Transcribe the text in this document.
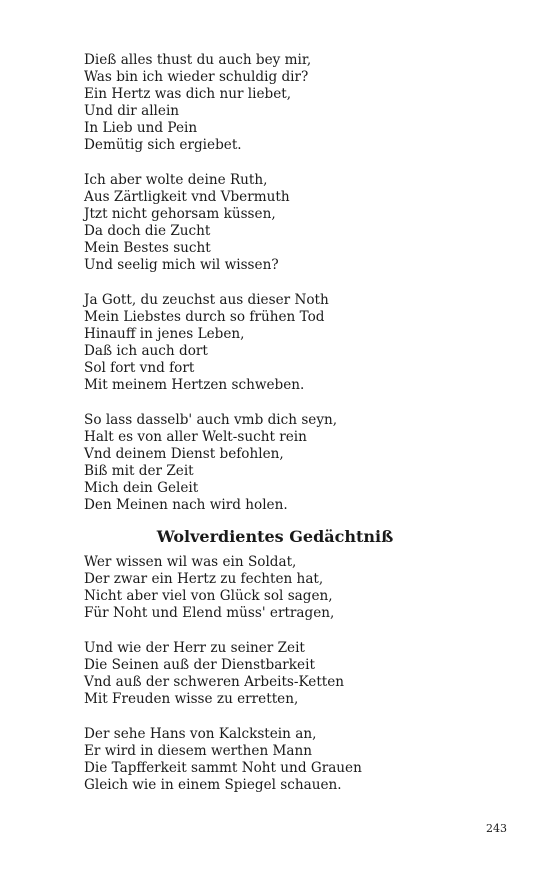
Dieß alles thust du auch bey mir,
Was bin ich wieder schuldig dir?
Ein Hertz was dich nur liebet,
Und dir allein
In Lieb und Pein
Demütig sich ergiebet.
Ich aber wolte deine Ruth,
Aus Zärtligkeit vnd Vbermuth
Jtzt nicht gehorsam küssen,
Da doch die Zucht
Mein Bestes sucht
Und seelig mich wil wissen?
Ja Gott, du zeuchst aus dieser Noth
Mein Liebstes durch so frühen Tod
Hinauff in jenes Leben,
Daß ich auch dort
Sol fort vnd fort
Mit meinem Hertzen schweben.
So lass dasselb' auch vmb dich seyn,
Halt es von aller Welt-sucht rein
Vnd deinem Dienst befohlen,
Biß mit der Zeit
Mich dein Geleit
Den Meinen nach wird holen.
Wolverdientes Gedächtniß
Wer wissen wil was ein Soldat,
Der zwar ein Hertz zu fechten hat,
Nicht aber viel von Glück sol sagen,
Für Noht und Elend müss' ertragen,
Und wie der Herr zu seiner Zeit
Die Seinen auß der Dienstbarkeit
Vnd auß der schweren Arbeits-Ketten
Mit Freuden wisse zu erretten,
Der sehe Hans von Kalckstein an,
Er wird in diesem werthen Mann
Die Tapfferkeit sammt Noht und Grauen
Gleich wie in einem Spiegel schauen.
243
